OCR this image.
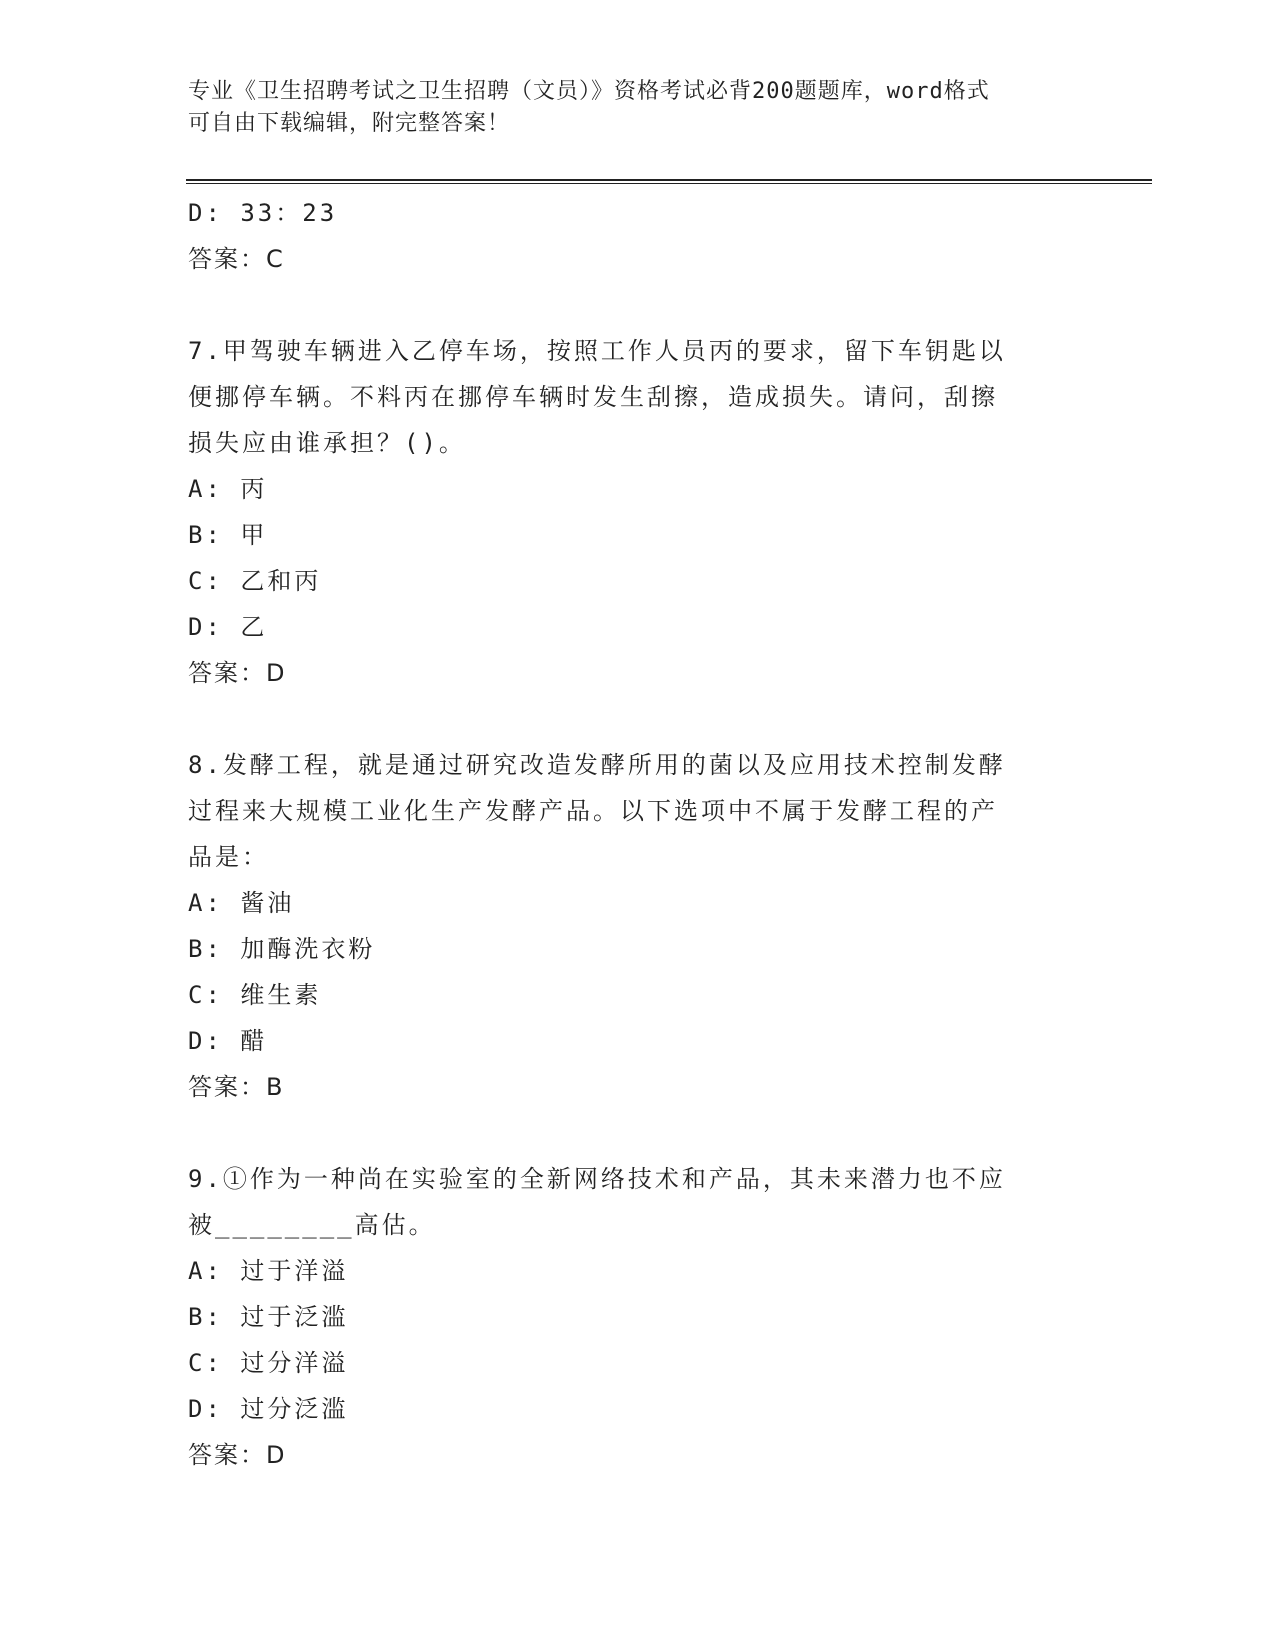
专业《卫生招聘考试之卫生招聘（文员）》资格考试必背200题题库，word格式
可自由下载编辑，附完整答案！
D: 33：23
答案：C
7.甲驾驶车辆进入乙停车场，按照工作人员丙的要求，留下车钥匙以
便挪停车辆。不料丙在挪停车辆时发生刮擦，造成损失。请问，刮擦
损失应由谁承担？()。
A: 丙
B: 甲
C: 乙和丙
D: 乙
答案：D
8.发酵工程，就是通过研究改造发酵所用的菌以及应用技术控制发酵
过程来大规模工业化生产发酵产品。以下选项中不属于发酵工程的产
品是：
A: 酱油
B: 加酶洗衣粉
C: 维生素
D: 醋
答案：B
9.①作为一种尚在实验室的全新网络技术和产品，其未来潜力也不应
被________高估。
A: 过于洋溢
B: 过于泛滥
C: 过分洋溢
D: 过分泛滥
答案：D
